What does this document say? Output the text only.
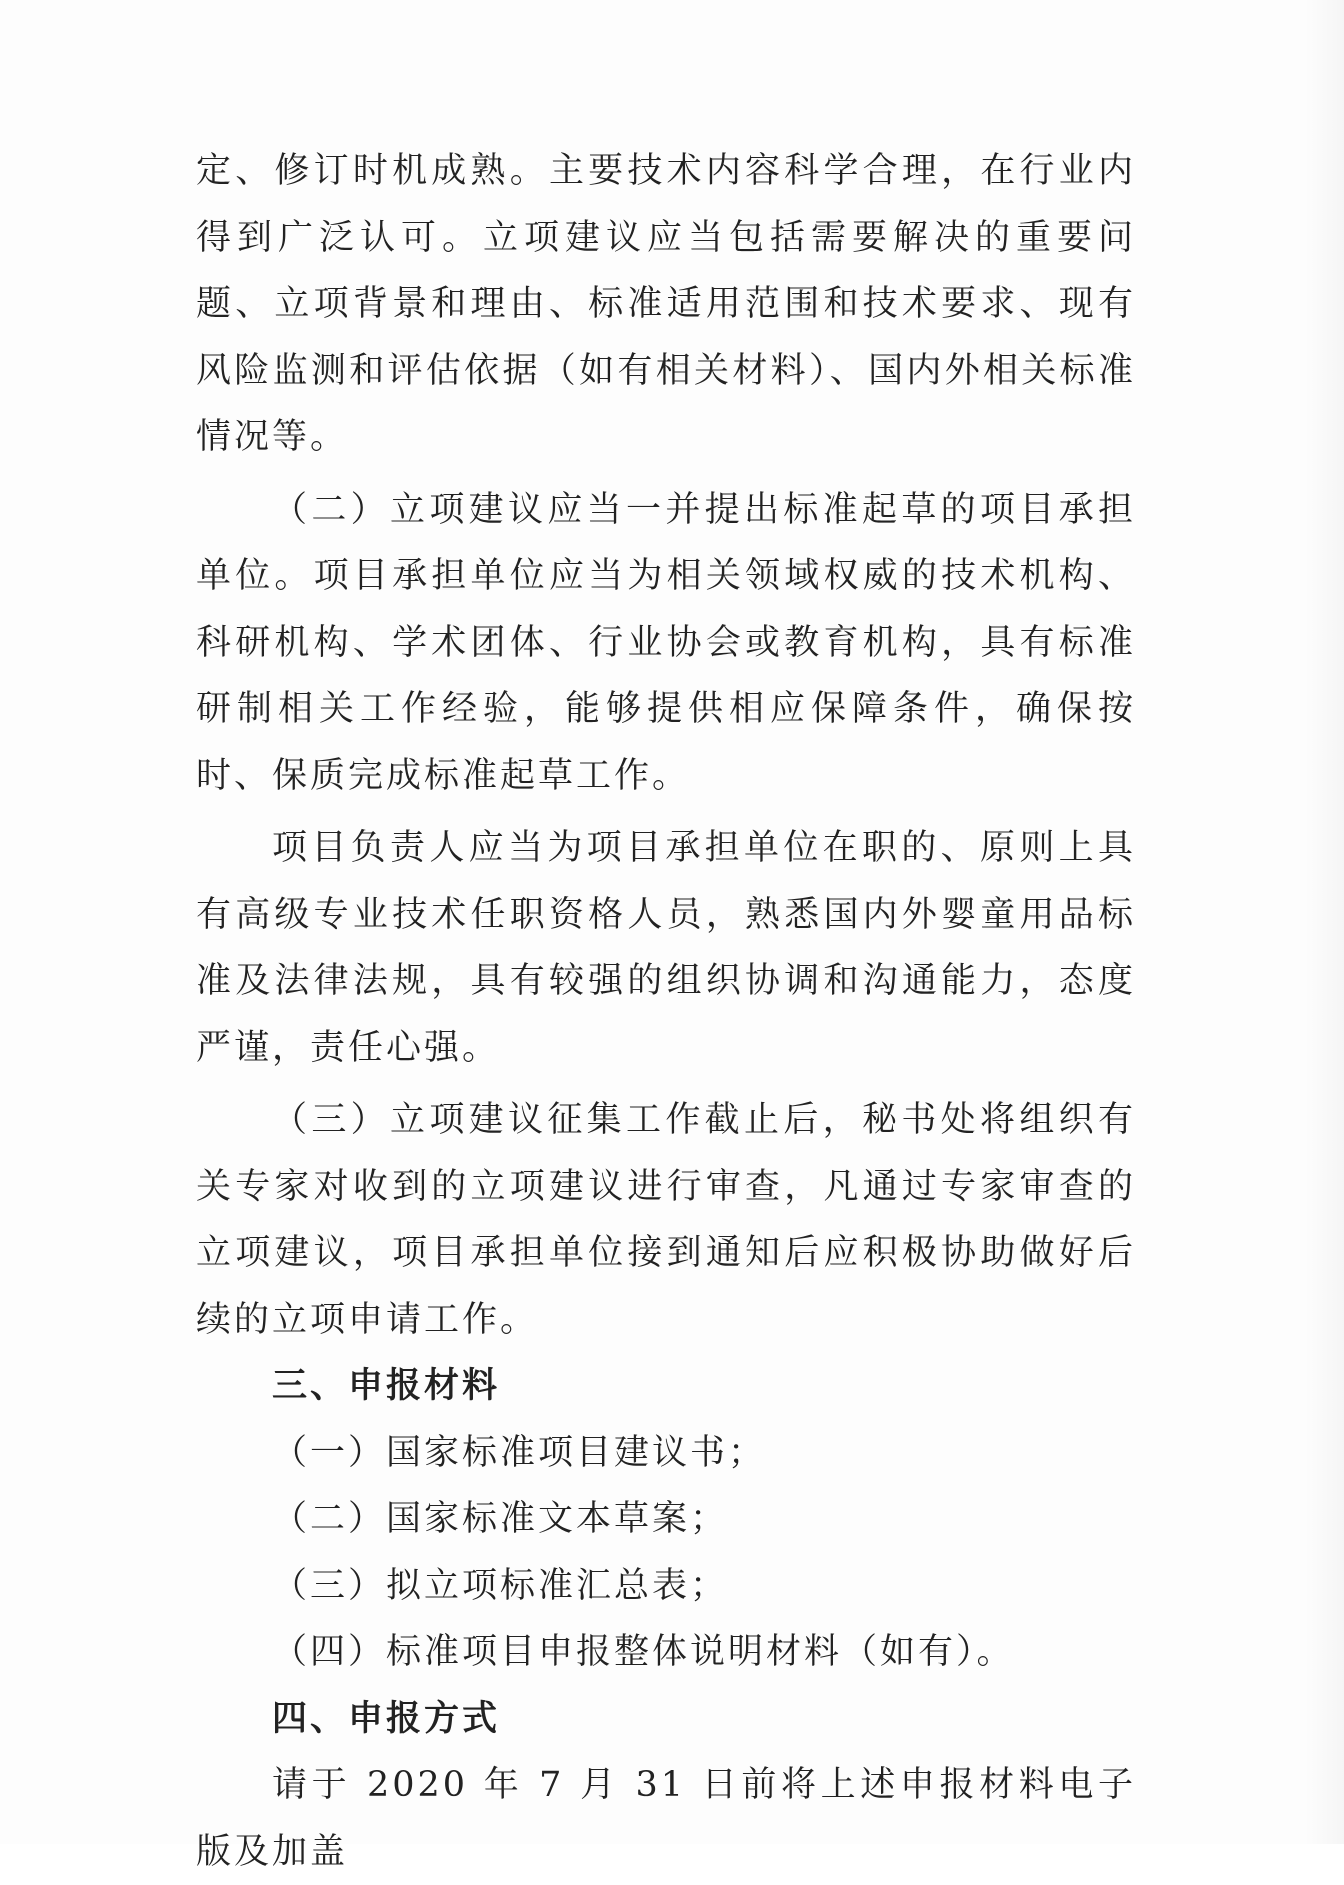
定、修订时机成熟。主要技术内容科学合理，在行业内得到广泛认可。立项建议应当包括需要解决的重要问题、立项背景和理由、标准适用范围和技术要求、现有风险监测和评估依据（如有相关材料）、国内外相关标准情况等。

（二）立项建议应当一并提出标准起草的项目承担单位。项目承担单位应当为相关领域权威的技术机构、科研机构、学术团体、行业协会或教育机构，具有标准研制相关工作经验，能够提供相应保障条件，确保按时、保质完成标准起草工作。

项目负责人应当为项目承担单位在职的、原则上具有高级专业技术任职资格人员，熟悉国内外婴童用品标准及法律法规，具有较强的组织协调和沟通能力，态度严谨，责任心强。

（三）立项建议征集工作截止后，秘书处将组织有关专家对收到的立项建议进行审查，凡通过专家审查的立项建议，项目承担单位接到通知后应积极协助做好后续的立项申请工作。

三、申报材料

（一）国家标准项目建议书；

（二）国家标准文本草案；

（三）拟立项标准汇总表；

（四）标准项目申报整体说明材料（如有）。

四、申报方式

请于 2020 年 7 月 31 日前将上述申报材料电子版及加盖
